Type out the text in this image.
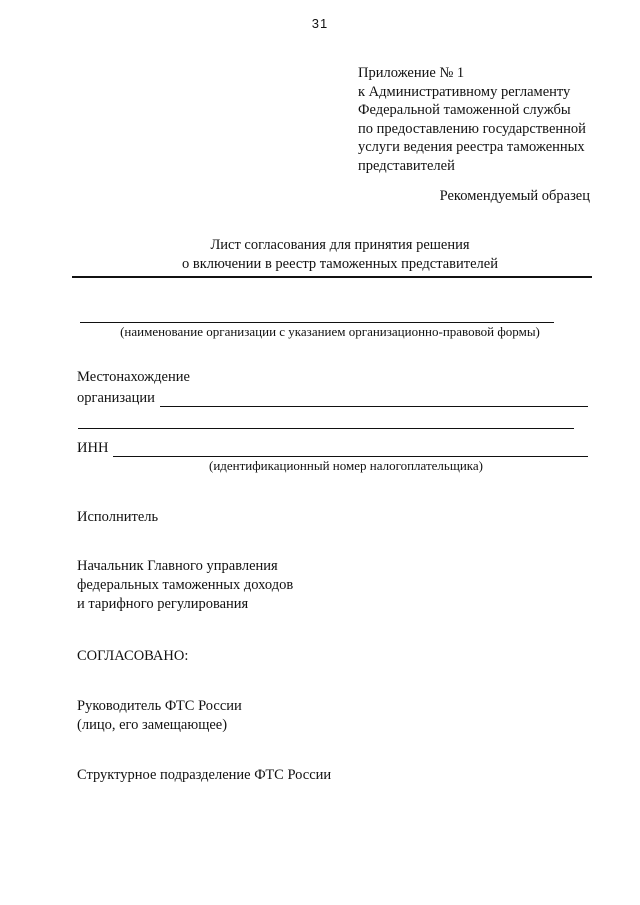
31
Приложение № 1
к Административному регламенту
Федеральной таможенной службы
по предоставлению государственной
услуги ведения реестра таможенных
представителей
Рекомендуемый образец
Лист согласования для принятия решения
о включении в реестр таможенных представителей
(наименование организации с указанием организационно-правовой формы)
Местонахождение
организации
ИНН
(идентификационный номер налогоплательщика)
Исполнитель
Начальник Главного управления
федеральных таможенных доходов
и тарифного регулирования
СОГЛАСОВАНО:
Руководитель ФТС России
(лицо, его замещающее)
Структурное подразделение ФТС России
